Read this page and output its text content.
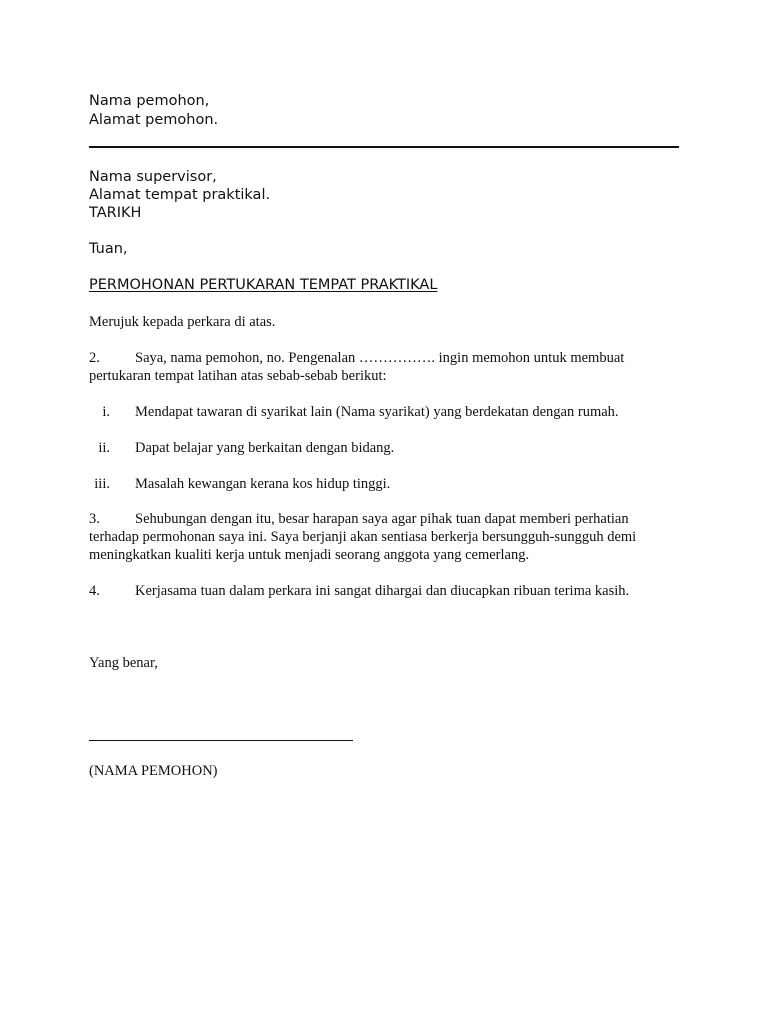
Nama pemohon,
Alamat pemohon.
Nama supervisor,
Alamat tempat praktikal.
TARIKH
Tuan,
PERMOHONAN PERTUKARAN TEMPAT PRAKTIKAL
Merujuk kepada perkara di atas.
2. Saya, nama pemohon, no. Pengenalan ……………. ingin memohon untuk membuat
pertukaran tempat latihan atas sebab-sebab berikut:
i. Mendapat tawaran di syarikat lain (Nama syarikat) yang berdekatan dengan rumah.
ii. Dapat belajar yang berkaitan dengan bidang.
iii. Masalah kewangan kerana kos hidup tinggi.
3. Sehubungan dengan itu, besar harapan saya agar pihak tuan dapat memberi perhatian
terhadap permohonan saya ini. Saya berjanji akan sentiasa berkerja bersungguh-sungguh demi
meningkatkan kualiti kerja untuk menjadi seorang anggota yang cemerlang.
4. Kerjasama tuan dalam perkara ini sangat dihargai dan diucapkan ribuan terima kasih.
Yang benar,
(NAMA PEMOHON)
